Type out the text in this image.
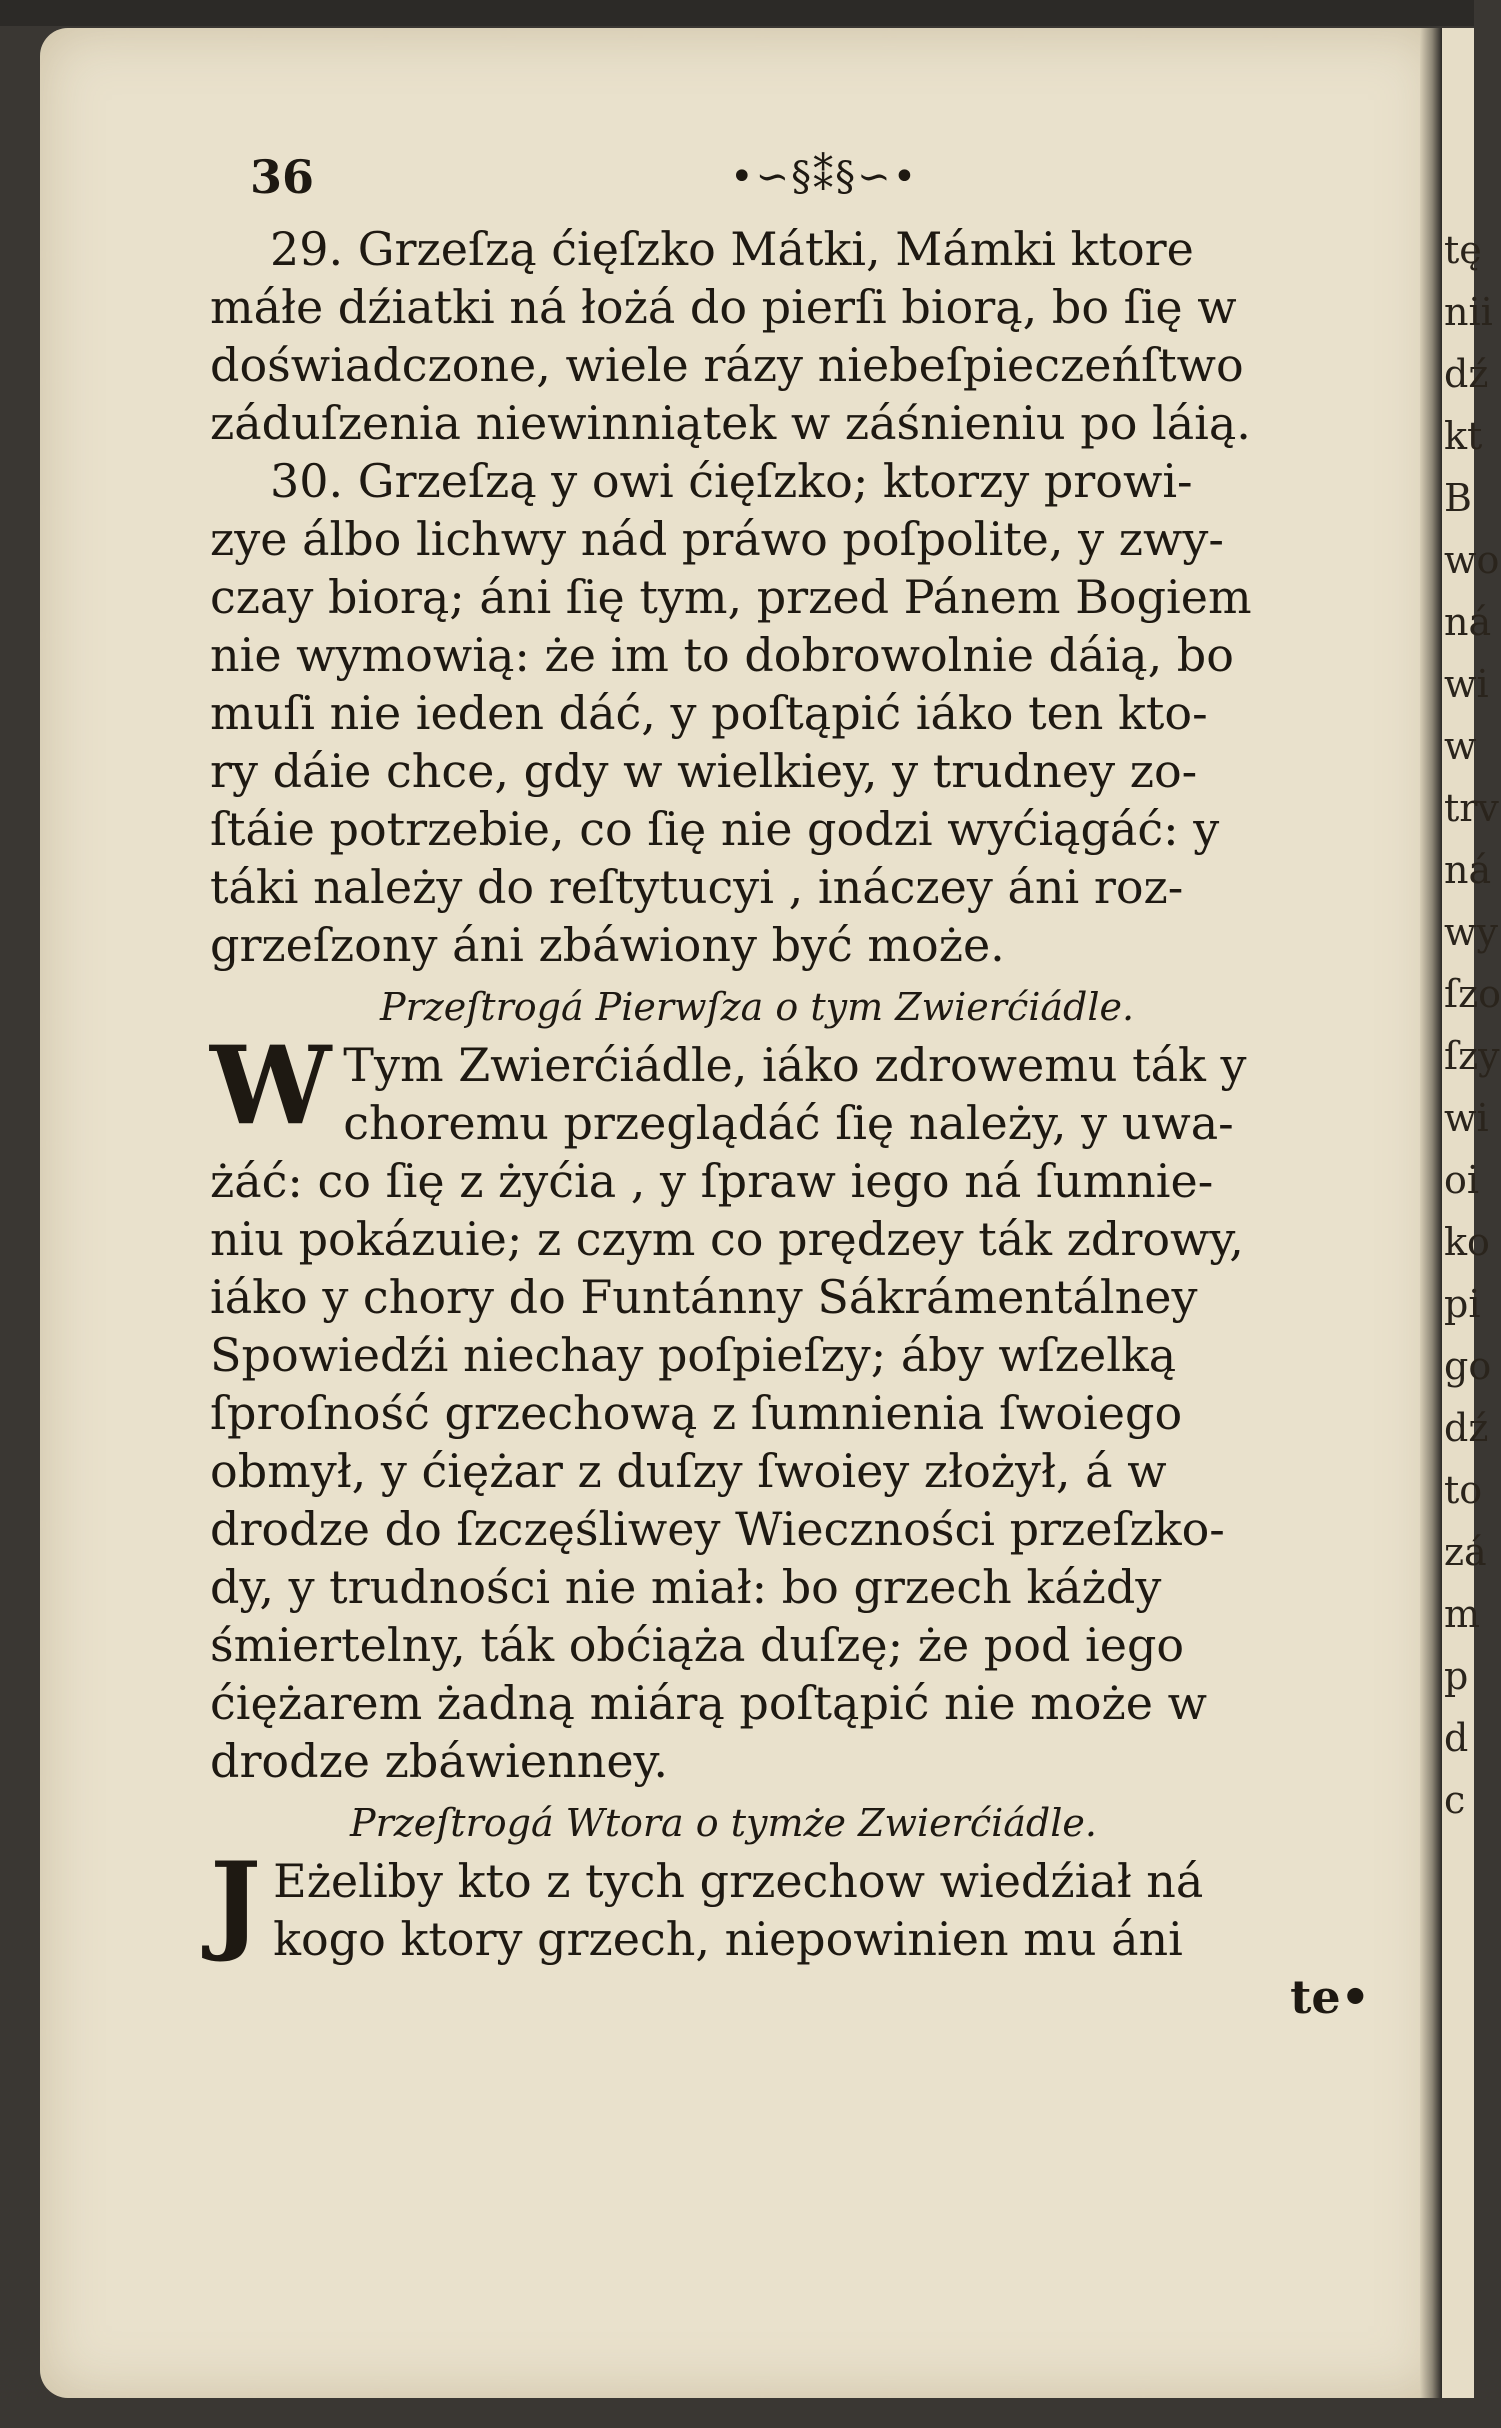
tę
nii
dź
kt
B
wo
ná
wi
w
trv
ná
wy
ſzo
ſzy
wi
oi
ko
pi
go
dź
to
zá
m
p
d
c
36	•∽§⁑§∽•
29. Grzeſzą ćięſzko Mátki, Mámki ktore
máłe dźiatki ná łożá do pierſi biorą, bo ſię w
doświadczone, wiele rázy niebeſpieczeńſtwo
záduſzenia niewinniątek w záśnieniu po láią.
30. Grzeſzą y owi ćięſzko; ktorzy prowi-
zye álbo lichwy nád práwo poſpolite, y zwy-
czay biorą; áni ſię tym, przed Pánem Bogiem
nie wymowią: że im to dobrowolnie dáią, bo
muſi nie ieden dáć, y poſtąpić iáko ten kto-
ry dáie chce, gdy w wielkiey, y trudney zo-
ſtáie potrzebie, co ſię nie godzi wyćiągáć: y
táki należy do reſtytucyi , ináczey áni roz-
grzeſzony áni zbáwiony być może.
Przeſtrogá Pierwſza o tym Zwierćiádle.
W Tym Zwierćiádle, iáko zdrowemu ták y
choremu przeglądáć ſię należy, y uwa-
żáć: co ſię z żyćia , y ſpraw iego ná ſumnie-
niu pokázuie; z czym co prędzey ták zdrowy,
iáko y chory do Funtánny Sákrámentálney
Spowiedźi niechay poſpieſzy; áby wſzelką
ſproſność grzechową z ſumnienia ſwoiego
obmył, y ćiężar z duſzy ſwoiey złożył, á w
drodze do ſzczęśliwey Wieczności przeſzko-
dy, y trudności nie miał: bo grzech káżdy
śmiertelny, ták obćiąża duſzę; że pod iego
ćiężarem żadną miárą poſtąpić nie może w
drodze zbáwienney.
Przeſtrogá Wtora o tymże Zwierćiádle.
J Eżeliby kto z tych grzechow wiedźiał ná
kogo ktory grzech, niepowinien mu áni
te•
